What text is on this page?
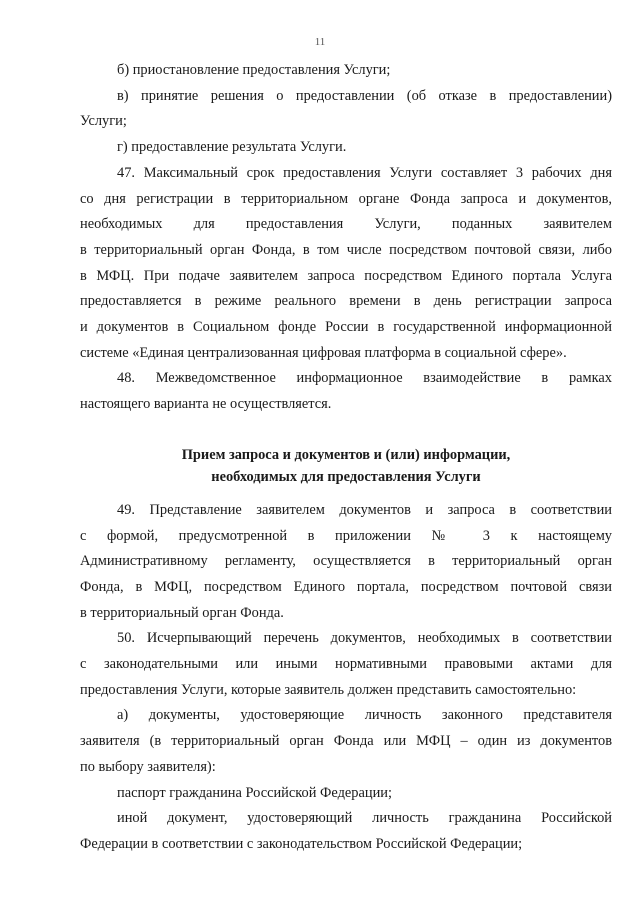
11
б) приостановление предоставления Услуги;
в) принятие решения о предоставлении (об отказе в предоставлении)
Услуги;
г) предоставление результата Услуги.
47. Максимальный срок предоставления Услуги составляет 3 рабочих дня
со дня регистрации в территориальном органе Фонда запроса и документов,
необходимых для предоставления Услуги, поданных заявителем
в территориальный орган Фонда, в том числе посредством почтовой связи, либо
в МФЦ. При подаче заявителем запроса посредством Единого портала Услуга
предоставляется в режиме реального времени в день регистрации запроса
и документов в Социальном фонде России в государственной информационной
системе «Единая централизованная цифровая платформа в социальной сфере».
48. Межведомственное информационное взаимодействие в рамках
настоящего варианта не осуществляется.
Прием запроса и документов и (или) информации,
необходимых для предоставления Услуги
49. Представление заявителем документов и запроса в соответствии
с формой, предусмотренной в приложении № 3 к настоящему
Административному регламенту, осуществляется в территориальный орган
Фонда, в МФЦ, посредством Единого портала, посредством почтовой связи
в территориальный орган Фонда.
50. Исчерпывающий перечень документов, необходимых в соответствии
с законодательными или иными нормативными правовыми актами для
предоставления Услуги, которые заявитель должен представить самостоятельно:
а) документы, удостоверяющие личность законного представителя
заявителя (в территориальный орган Фонда или МФЦ – один из документов
по выбору заявителя):
паспорт гражданина Российской Федерации;
иной документ, удостоверяющий личность гражданина Российской
Федерации в соответствии с законодательством Российской Федерации;
